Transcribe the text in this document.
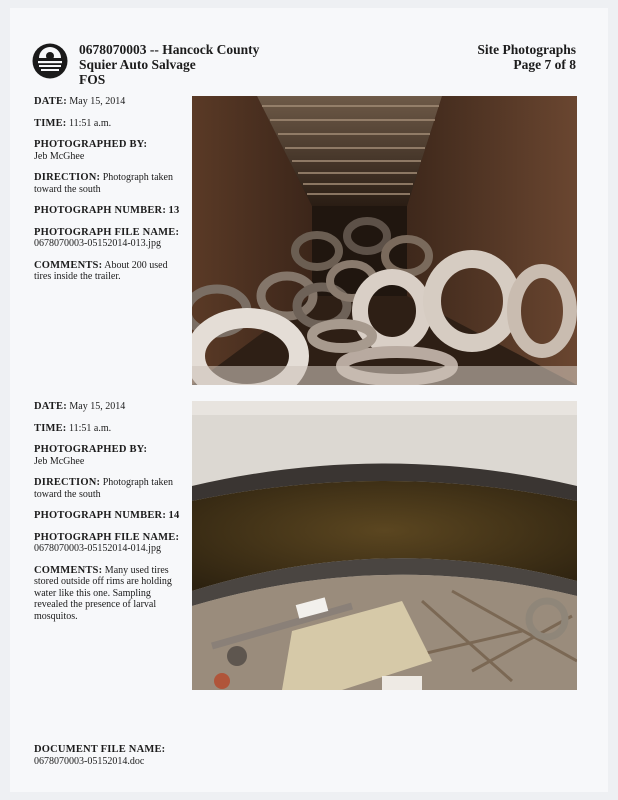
0678070003 -- Hancock County
Squier Auto Salvage
FOS
Site Photographs
Page 7 of 8
DATE: May 15, 2014
TIME: 11:51 a.m.
PHOTOGRAPHED BY:
Jeb McGhee
DIRECTION: Photograph taken toward the south
PHOTOGRAPH NUMBER: 13
PHOTOGRAPH FILE NAME:
0678070003-05152014-013.jpg
COMMENTS: About 200 used tires inside the trailer.
DATE: May 15, 2014
TIME: 11:51 a.m.
PHOTOGRAPHED BY:
Jeb McGhee
DIRECTION: Photograph taken toward the south
PHOTOGRAPH NUMBER: 14
PHOTOGRAPH FILE NAME:
0678070003-05152014-014.jpg
COMMENTS: Many used tires stored outside off rims are holding water like this one. Sampling revealed the presence of larval mosquitos.
DOCUMENT FILE NAME:
0678070003-05152014.doc
